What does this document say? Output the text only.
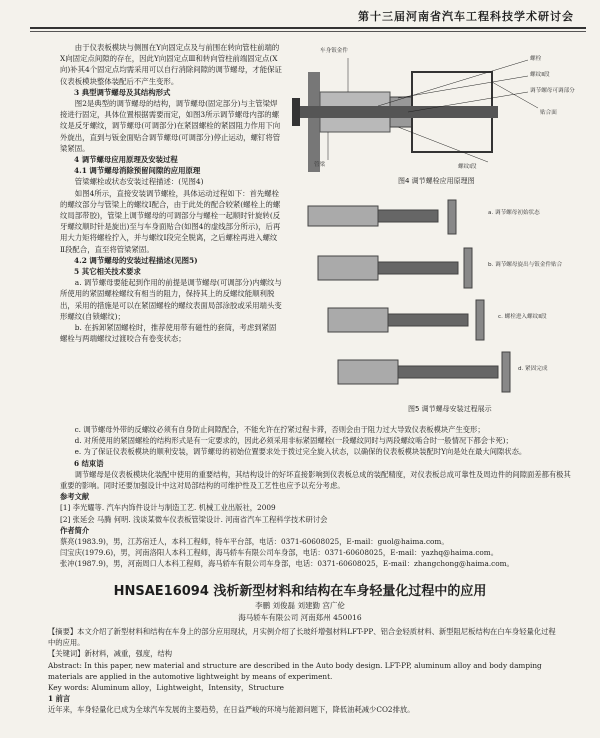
第十三届河南省汽车工程科技学术研讨会

由于仪表板模块与侧围在Y向固定点及与前围在转向管柱前端的X向固定点间隙的存在，因此Y向固定点Ⅲ和转向管柱前端固定点(X向)补其4个固定点均需采用可以自行消除间隙的调节螺母，才能保证仪表板模块整体装配后不产生变形。

3 典型调节螺母及其结构形式

图2是典型的调节螺母的结构，调节螺母(固定部分)与主管梁焊接进行固定，具体位置根据需要而定，如图3所示调节螺母内部的螺纹是反牙螺纹，调节螺母(可调部分)在紧固螺栓的紧固阻力作用下向外旋出，直到与钣金面贴合调节螺母(可调部分)停止运动，螺钉将管梁紧固。

4 调节螺母应用原理及安装过程

4.1 调节螺母消除预留间隙的应用原理

管梁螺栓或状态安装过程描述：(见图4)

如图4所示，直接安装调节螺栓，具体运动过程如下：首先螺栓的螺纹部分与管梁上的螺纹Ⅰ配合，由于此处的配合较紧(螺栓上的螺纹局部带胶)，管梁上调节螺母的可调部分与螺栓一起顺时针旋转(反牙螺纹顺时针是旋出)至与车身面贴合(如图4的虚线部分所示)，后再用大力矩将螺栓拧入，并与螺纹Ⅰ段完全脱离，之后螺栓再进入螺纹Ⅱ段配合，直至将管梁紧固。

4.2 调节螺母的安装过程描述(见图5)

5 其它相关技术要求

a. 调节螺母要能起到作用的前提是调节螺母(可调部分)内螺纹与所使用的紧固螺栓螺纹有相当的阻力，保持其上的反螺纹能顺利脱出，采用的措施是可以在紧固螺栓的螺纹表面局部涂胶或采用端头变形螺纹(自锁螺纹)；

b. 在拆卸紧固螺栓时，推荐使用带有磁性的套筒，考虑到紧固螺栓与两端螺纹过渡咬合有卷变状态；

车身钣金件
螺栓
螺纹Ⅱ段
调节螺母可调部分
贴合面
管梁	螺纹Ⅰ段
图4 调节螺栓应用原理图
a. 调节螺母初始状态
b. 调节螺母旋出与钣金件贴合
c. 螺栓进入螺纹Ⅱ段
d. 紧固完成
图5 调节螺母安装过程展示

c. 调节螺母外带的反螺纹必须有自身防止间隙配合，不能允许在拧紧过程卡滞，否则会由于阻力过大导致仪表板模块产生变形；

d. 对所使用的紧固螺栓的结构形式是有一定要求的，因此必须采用非标紧固螺栓(一段螺纹同时与两段螺纹啮合时一般情况下都会卡死)；

e. 为了保证仪表板模块的顺利安装，调节螺母的初始位置要求处于拨过完全旋入状态，以确保的仪表板模块装配时Y向是处在最大间隙状态。

6 结束语

调节螺母是仪表板模块化装配中使用的重要结构，其结构设计的好坏直接影响到仪表板总成的装配精度，对仪表板总成可靠性及周边件的间隙面差都有极其重要的影响。同时还要加强设计中这对局部结构的可维护性及工艺性也应予以充分考虑。

参考文献

[1] 李光耀等. 汽车内饰件设计与制造工艺. 机械工业出版社，2009

[2] 张延会 马腾 何明. 浅谈某微车仪表板管梁设计. 河南省汽车工程科学技术研讨会

作者简介

蔡亮(1983.9)，男，江苏宿迁人，本科工程师，特车平台部，电话：0371-60608025，E-mail：guol@haima.com。

闫宝庆(1979.6)，男，河南洛阳人本科工程师，海马轿车有限公司车身部，电话：0371-60608025，E-mail：yazhq@haima.com。

张冲(1987.9)，男，河南周口人本科工程师，海马轿车有限公司车身部，电话：0371-60608025，E-mail：zhangchong@haima.com。

HNSAE16094 浅析新型材料和结构在车身轻量化过程中的应用
李鹏 刘俊磊 刘建勤 宫广伦
海马轿车有限公司 河南郑州 450016

【摘要】本文介绍了新型材料和结构在车身上的部分应用现状，月实例介绍了长玻纤增强材料LFT-PP、铝合金轻质材料、新型阻尼板结构在白车身轻量化过程中的应用。

【关键词】新材料，减重，强度，结构

Abstract: In this paper, new material and structure are described in the Auto body design. LFT-PP, aluminum alloy and body damping materials are applied in the automotive lightweight by means of experiment.

Key words: Aluminum alloy，Lightweight，Intensity，Structure

1 前言

近年来，车身轻量化已成为全球汽车发展的主要趋势，在日益严峻的环境与能源问题下，降低油耗减少CO2排放。
